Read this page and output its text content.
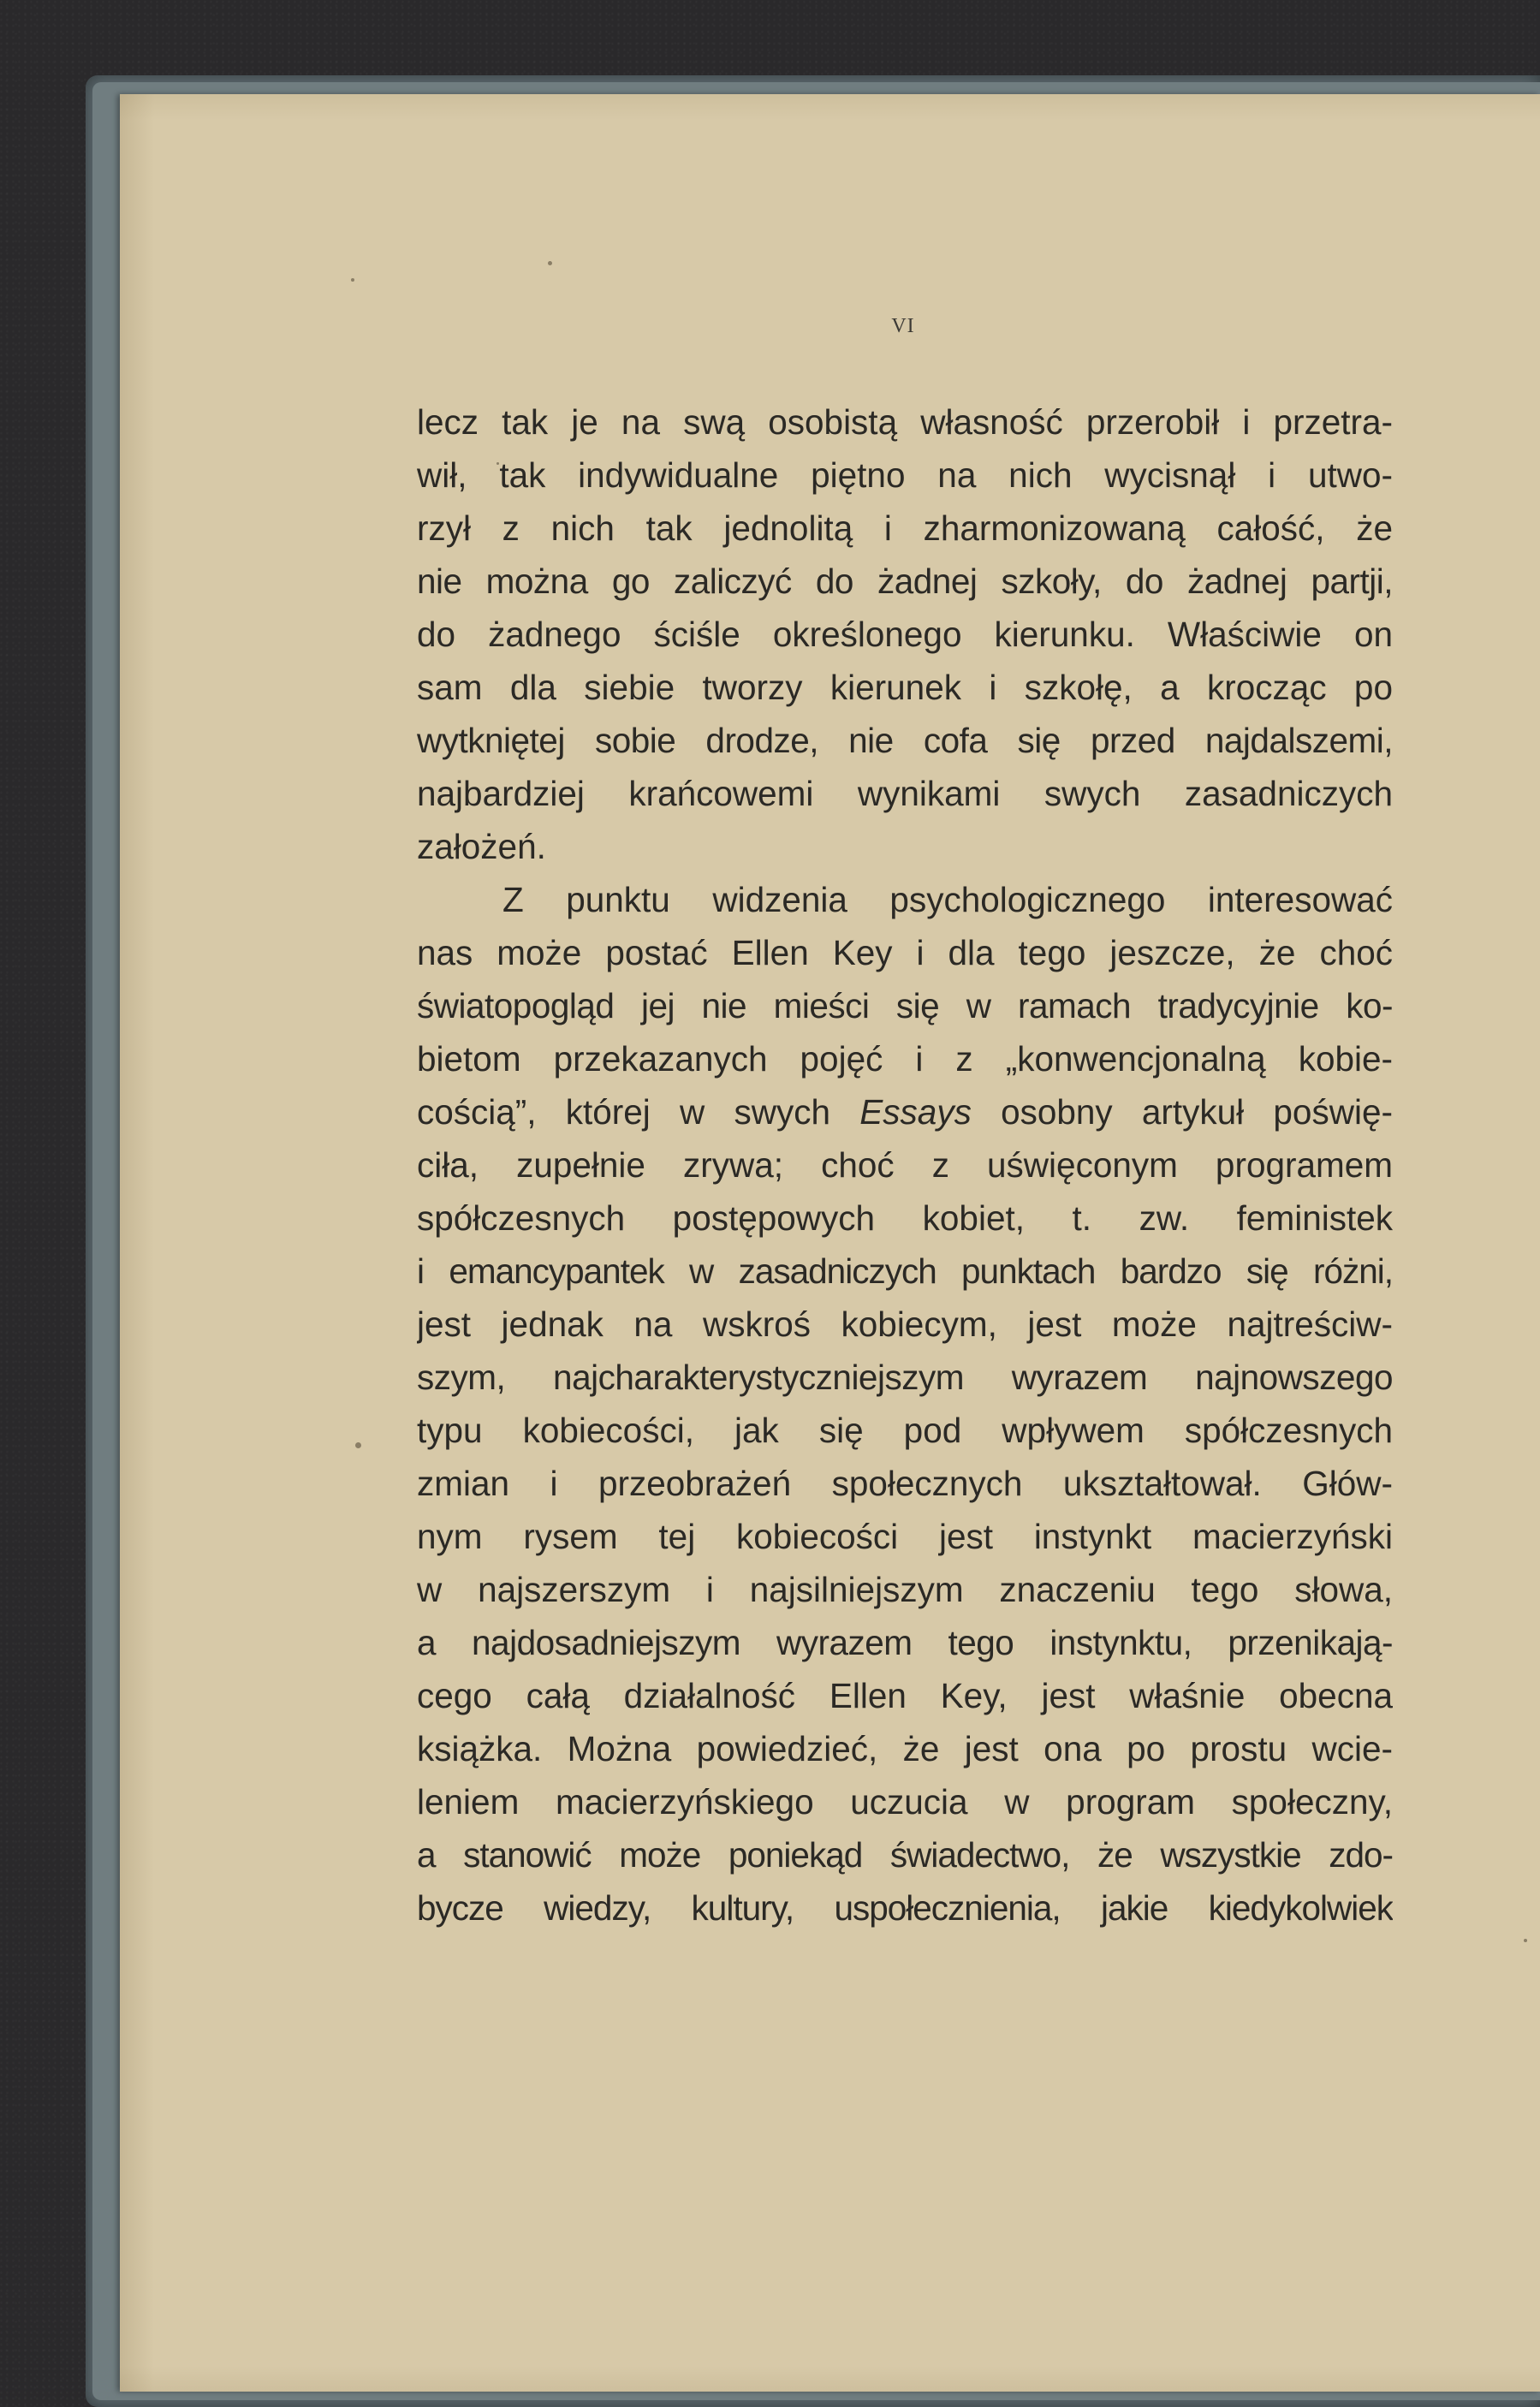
VI
lecz tak je na swą osobistą własność przerobił i przetra-
wił, tak indywidualne piętno na nich wycisnął i utwo-
rzył z nich tak jednolitą i zharmonizowaną całość, że
nie można go zaliczyć do żadnej szkoły, do żadnej partji,
do żadnego ściśle określonego kierunku. Właściwie on
sam dla siebie tworzy kierunek i szkołę, a krocząc po
wytkniętej sobie drodze, nie cofa się przed najdalszemi,
najbardziej krańcowemi wynikami swych zasadniczych
założeń.
Z punktu widzenia psychologicznego interesować
nas może postać Ellen Key i dla tego jeszcze, że choć
światopogląd jej nie mieści się w ramach tradycyjnie ko-
bietom przekazanych pojęć i z „konwencjonalną kobie-
cością”, której w swych Essays osobny artykuł poświę-
ciła, zupełnie zrywa; choć z uświęconym programem
spółczesnych postępowych kobiet, t. zw. feministek
i emancypantek w zasadniczych punktach bardzo się różni,
jest jednak na wskroś kobiecym, jest może najtreściw-
szym, najcharakterystyczniejszym wyrazem najnowszego
typu kobiecości, jak się pod wpływem spółczesnych
zmian i przeobrażeń społecznych ukształtował. Głów-
nym rysem tej kobiecości jest instynkt macierzyński
w najszerszym i najsilniejszym znaczeniu tego słowa,
a najdosadniejszym wyrazem tego instynktu, przenikają-
cego całą działalność Ellen Key, jest właśnie obecna
książka. Można powiedzieć, że jest ona po prostu wcie-
leniem macierzyńskiego uczucia w program społeczny,
a stanowić może poniekąd świadectwo, że wszystkie zdo-
bycze wiedzy, kultury, uspołecznienia, jakie kiedykolwiek
